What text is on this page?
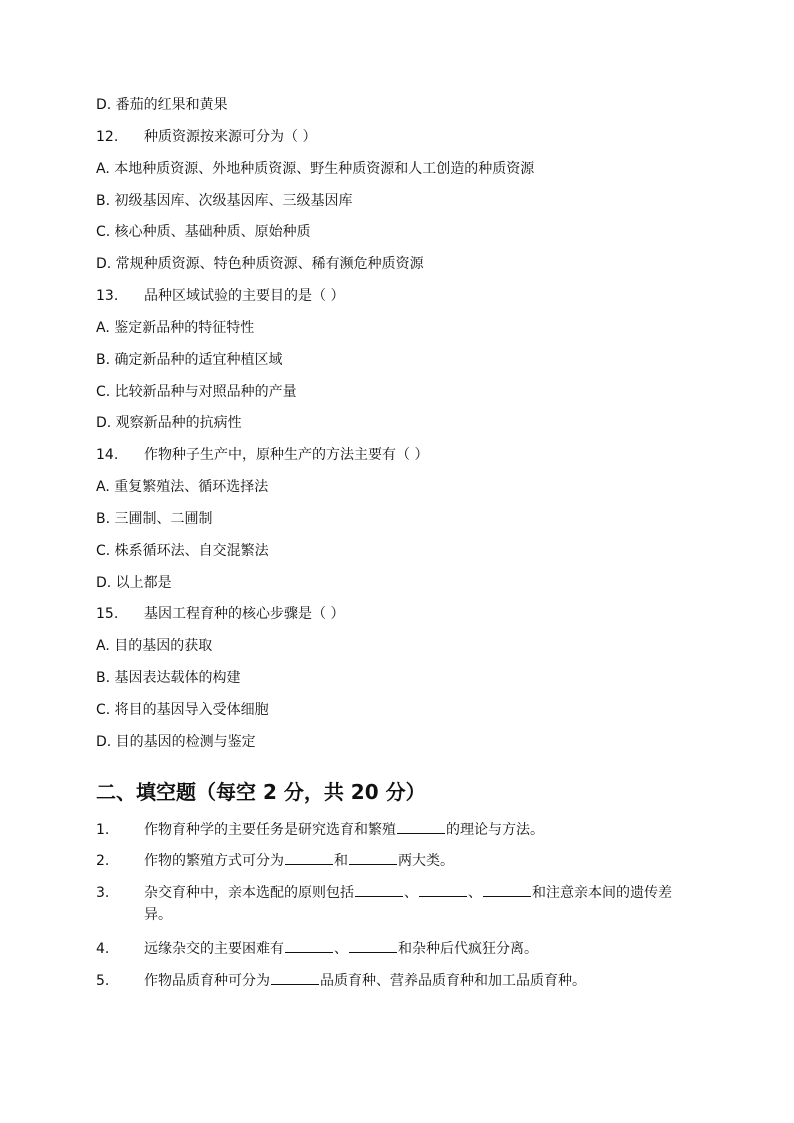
D. 番茄的红果和黄果
12. 种质资源按来源可分为（ ）
A. 本地种质资源、外地种质资源、野生种质资源和人工创造的种质资源
B. 初级基因库、次级基因库、三级基因库
C. 核心种质、基础种质、原始种质
D. 常规种质资源、特色种质资源、稀有濒危种质资源
13. 品种区域试验的主要目的是（ ）
A. 鉴定新品种的特征特性
B. 确定新品种的适宜种植区域
C. 比较新品种与对照品种的产量
D. 观察新品种的抗病性
14. 作物种子生产中，原种生产的方法主要有（ ）
A. 重复繁殖法、循环选择法
B. 三圃制、二圃制
C. 株系循环法、自交混繁法
D. 以上都是
15. 基因工程育种的核心步骤是（ ）
A. 目的基因的获取
B. 基因表达载体的构建
C. 将目的基因导入受体细胞
D. 目的基因的检测与鉴定
二、填空题（每空 2 分，共 20 分）
1.	作物育种学的主要任务是研究选育和繁殖	的理论与方法。
2.	作物的繁殖方式可分为	和	两大类。
3.	杂交育种中，亲本选配的原则包括	、	、	和注意亲本间的遗传差异。
4.	远缘杂交的主要困难有	、	和杂种后代疯狂分离。
5.	作物品质育种可分为	品质育种、营养品质育种和加工品质育种。
